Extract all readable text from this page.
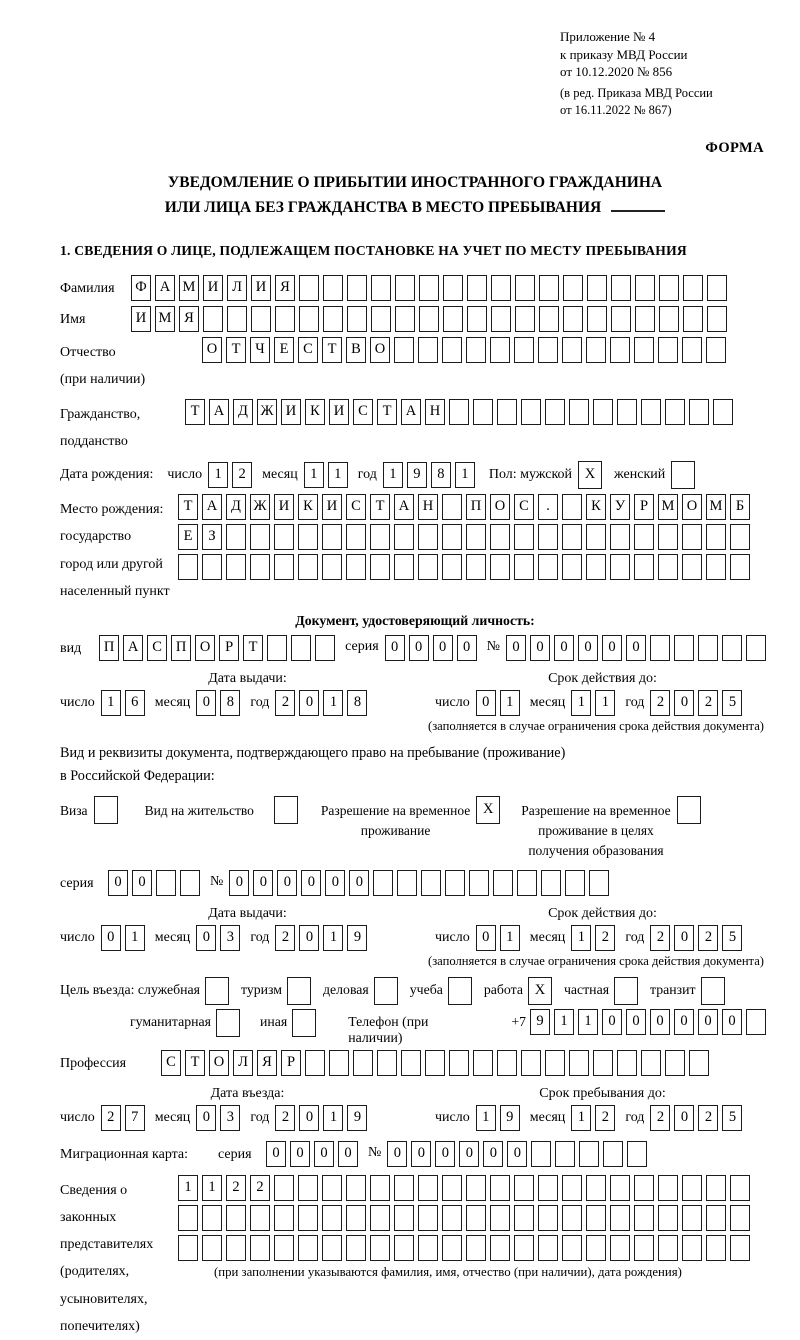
Приложение № 4
к приказу МВД России
от 10.12.2020 № 856
(в ред. Приказа МВД России
от 16.11.2022 № 867)
ФОРМА
УВЕДОМЛЕНИЕ О ПРИБЫТИИ ИНОСТРАННОГО ГРАЖДАНИНА
ИЛИ ЛИЦА БЕЗ ГРАЖДАНСТВА В МЕСТО ПРЕБЫВАНИЯ
1. СВЕДЕНИЯ О ЛИЦЕ, ПОДЛЕЖАЩЕМ ПОСТАНОВКЕ НА УЧЕТ ПО МЕСТУ ПРЕБЫВАНИЯ
Фамилия	Ф А М И Л И Я
Имя	И М Я
Отчество
(при наличии)
О Т	Ч	Е	С	Т	В О
Гражданство,
подданство
Т А Д Ж И К И С	Т А Н
Дата рождения: число 1	2	месяц 1	1	год 1	9	8	1	Пол: мужской X	женский
Место рождения:
государство
город или другой
населенный пункт
Т А Д Ж И К И С	Т А Н	П О С	.	К У	Р М О М Б
Е	З
Документ, удостоверяющий личность:
вид	П А С П О	Р	Т	серия 0	0	0	0	№ 0	0	0	0	0	0
Дата выдачи:
число 1	6	месяц 0	8	год 2	0	1	8
Срок действия до:
число 0	1	месяц 1	1	год 2	0	2	5
(заполняется в случае ограничения срока действия документа)
Вид и реквизиты документа, подтверждающего право на пребывание (проживание)
в Российской Федерации:
Виза	Вид на жительство	Разрешение на временное
проживание
X	Разрешение на временное
проживание в целях
получения образования
серия	0	0	№ 0	0	0	0	0	0
Дата выдачи:
число 0	1	месяц 0	3	год 2	0	1	9
Срок действия до:
число 0	1	месяц 1	2	год 2	0	2	5
(заполняется в случае ограничения срока действия документа)
Цель въезда: служебная	туризм	деловая	учеба	работа X	частная	транзит
гуманитарная	иная	Телефон (при наличии)
+7 9	1	1	0	0	0	0	0	0
Профессия	С	Т О Л Я	Р
Дата въезда:
число 2	7	месяц 0	3	год 2	0	1	9
Срок пребывания до:
число 1	9	месяц 1	2	год 2	0	2	5
Миграционная карта:	серия	0	0	0	0	№ 0	0	0	0	0	0
Сведения о
законных
представителях
(родителях,
усыновителях,
попечителях)
1	1	2	2
(при заполнении указываются фамилия, имя, отчество (при наличии), дата рождения)
